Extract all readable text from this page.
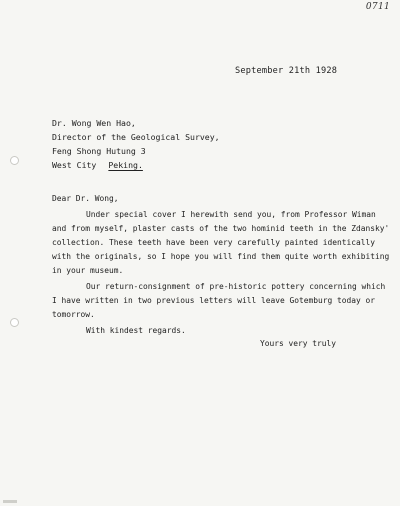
0711
September 21th 1928
Dr. Wong Wen Hao,
Director of the Geological Survey,
Feng Shong Hutung 3
West City Peking.
Dear Dr. Wong,
Under special cover I herewith send you, from Professor Wiman
and from myself, plaster casts of the two hominid teeth in the Zdansky'
collection. These teeth have been very carefully painted identically
with the originals, so I hope you will find them quite worth exhibiting
in your museum.
Our return-consignment of pre-historic pottery concerning which
I have written in two previous letters will leave Gotemburg today or
tomorrow.
With kindest regards.
Yours very truly
